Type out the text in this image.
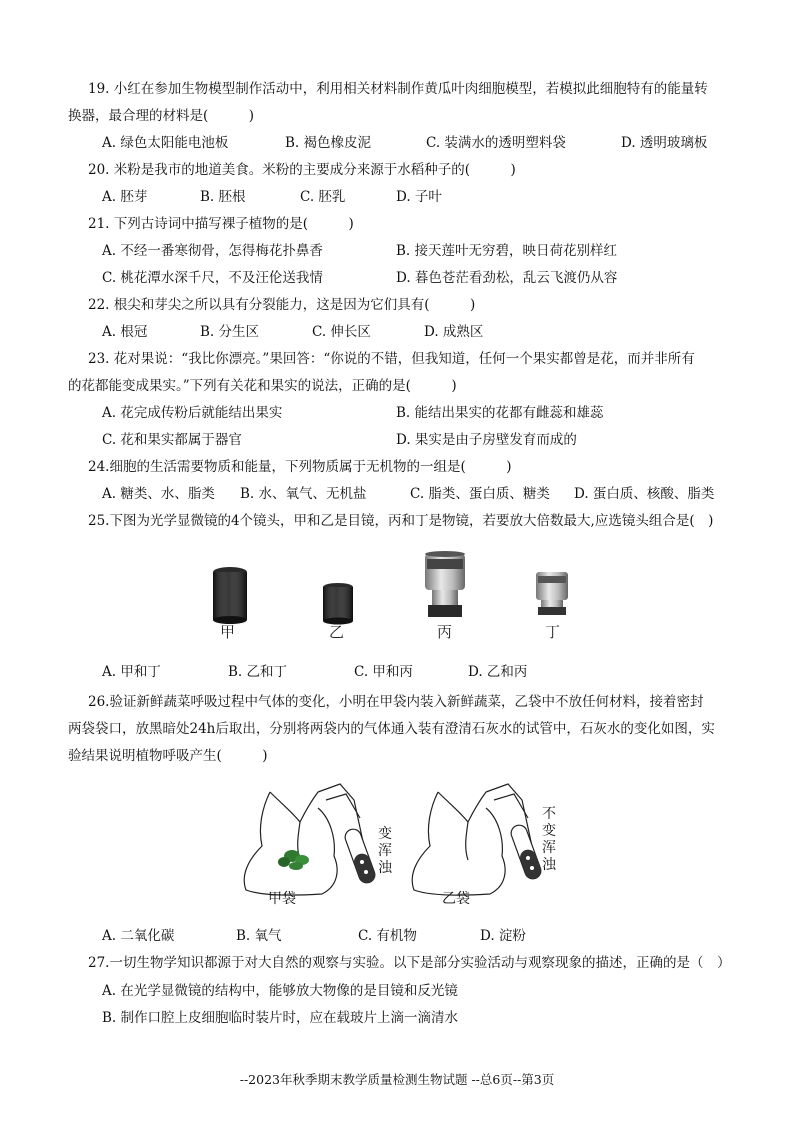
19. 小红在参加生物模型制作活动中，利用相关材料制作黄瓜叶肉细胞模型，若模拟此细胞特有的能量转
换器，最合理的材料是(　　　)
A. 绿色太阳能电池板	B. 褐色橡皮泥	C. 装满水的透明塑料袋	D. 透明玻璃板
20. 米粉是我市的地道美食。米粉的主要成分来源于水稻种子的(　　　)
A. 胚芽	B. 胚根	C. 胚乳	D. 子叶
21. 下列古诗词中描写裸子植物的是(　　　)
A. 不经一番寒彻骨，怎得梅花扑鼻香	B. 接天莲叶无穷碧，映日荷花别样红
C. 桃花潭水深千尺，不及汪伦送我情	D. 暮色苍茫看劲松，乱云飞渡仍从容
22. 根尖和芽尖之所以具有分裂能力，这是因为它们具有(　　　)
A. 根冠	B. 分生区	C. 伸长区	D. 成熟区
23. 花对果说：“我比你漂亮。”果回答：“你说的不错，但我知道，任何一个果实都曾是花，而并非所有
的花都能变成果实。”下列有关花和果实的说法，正确的是(　　　)
A. 花完成传粉后就能结出果实	B. 能结出果实的花都有雌蕊和雄蕊
C. 花和果实都属于器官	D. 果实是由子房壁发育而成的
24.细胞的生活需要物质和能量，下列物质属于无机物的一组是(　　　)
A. 糖类、水、脂类 B. 水、氧气、无机盐	C. 脂类、蛋白质、糖类 D. 蛋白质、核酸、脂类
25.下图为光学显微镜的4个镜头，甲和乙是目镜，丙和丁是物镜，若要放大倍数最大,应选镜头组合是(　)
甲	乙	丙	丁
A. 甲和丁	B. 乙和丁	C. 甲和丙	D. 乙和丙
26.验证新鲜蔬菜呼吸过程中气体的变化，小明在甲袋内装入新鲜蔬菜，乙袋中不放任何材料，接着密封
两袋袋口，放黑暗处24h后取出，分别将两袋内的气体通入装有澄清石灰水的试管中，石灰水的变化如图，实
验结果说明植物呼吸产生(　　　)
变浑浊
不变浑浊
甲袋	乙袋
A. 二氧化碳	B. 氧气	C. 有机物	D. 淀粉
27.一切生物学知识都源于对大自然的观察与实验。以下是部分实验活动与观察现象的描述，正确的是（　）
A. 在光学显微镜的结构中，能够放大物像的是目镜和反光镜
B. 制作口腔上皮细胞临时装片时，应在载玻片上滴一滴清水
--2023年秋季期末教学质量检测生物试题 --总6页--第3页
